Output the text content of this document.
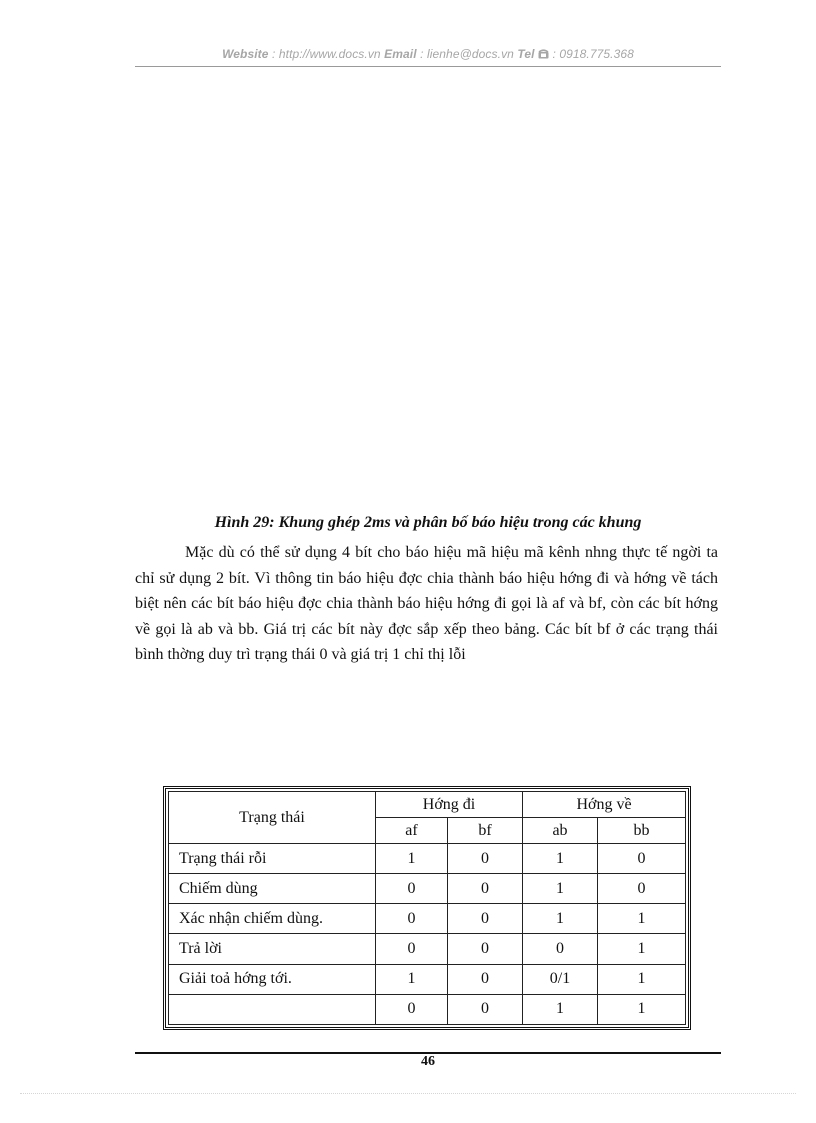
Website : http://www.docs.vn Email : lienhe@docs.vn Tel  : 0918.775.368
Hình 29: Khung ghép 2ms và phân bố báo hiệu trong các khung

Mặc dù có thể sử dụng 4 bít cho báo hiệu mã hiệu mã kênh nhng thực tế ngời ta chỉ sử dụng 2 bít. Vì thông tin báo hiệu đợc chia thành báo hiệu hớng đi và hớng về tách biệt nên các bít báo hiệu đợc chia thành báo hiệu hớng đi gọi là af và bf, còn các bít hớng về gọi là ab và bb. Giá trị các bít này đợc sắp xếp theo bảng. Các bít bf ở các trạng thái bình thờng duy trì trạng thái 0 và giá trị 1 chỉ thị lỗi

Trạng thái	Hớng đi		Hớng về	
	af	bf	ab	bb
Trạng thái rỗi	1	0	1	0
Chiếm dùng	0	0	1	0
Xác nhận chiếm dùng.	0	0	1	1
Trả lời	0	0	0	1
Giải toả hớng tới.	1	0	0/1	1
	0	0	1	1
46
